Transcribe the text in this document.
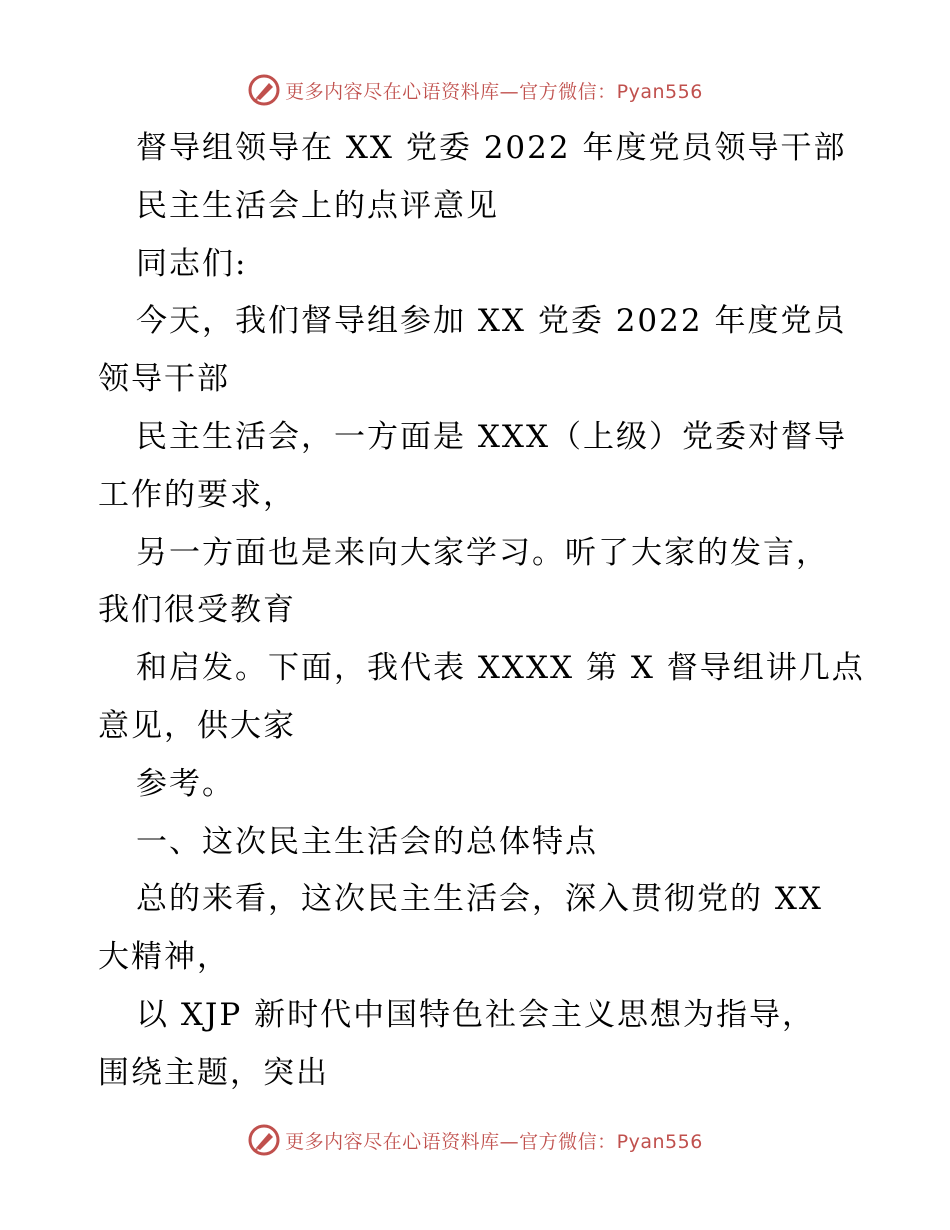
更多内容尽在心语资料库—官方微信：Pyan556
督导组领导在 XX 党委 2022 年度党员领导干部
民主生活会上的点评意见
同志们:
今天，我们督导组参加 XX 党委 2022 年度党员
领导干部
民主生活会，一方面是 XXX（上级）党委对督导
工作的要求，
另一方面也是来向大家学习。听了大家的发言，
我们很受教育
和启发。下面，我代表 XXXX 第 X 督导组讲几点
意见，供大家
参考。
一、这次民主生活会的总体特点
总的来看，这次民主生活会，深入贯彻党的 XX
大精神，
以 XJP 新时代中国特色社会主义思想为指导，
围绕主题，突出
更多内容尽在心语资料库—官方微信：Pyan556
